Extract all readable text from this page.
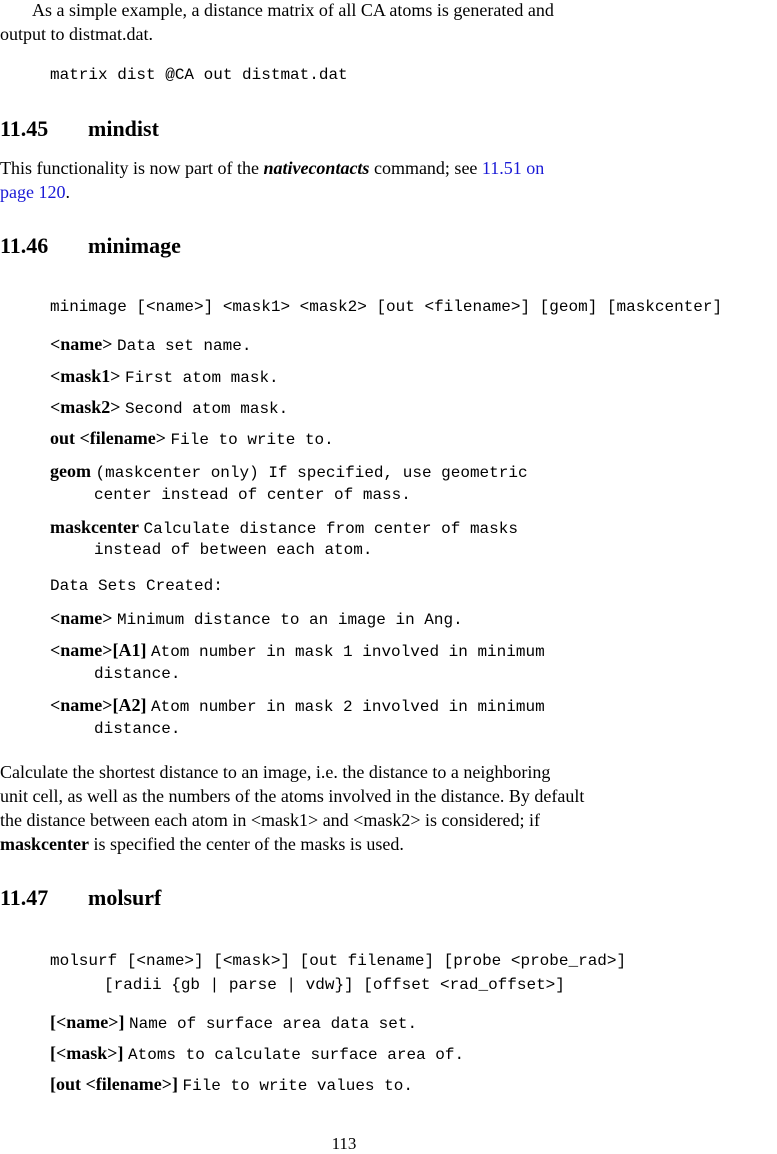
As a simple example, a distance matrix of all CA atoms is generated and
output to distmat.dat.

matrix dist @CA out distmat.dat
11.45 mindist

This functionality is now part of the nativecontacts command; see 11.51 on
page 120.

11.46 minimage
minimage [<name>] <mask1> <mask2> [out <filename>] [geom] [maskcenter]
<name> Data set name.
<mask1> First atom mask.
<mask2> Second atom mask.
out <filename> File to write to.
geom (maskcenter only) If specified, use geometric
center instead of center of mass.
maskcenter Calculate distance from center of masks
instead of between each atom.
Data Sets Created:
<name> Minimum distance to an image in Ang.
<name>[A1] Atom number in mask 1 involved in minimum
distance.
<name>[A2] Atom number in mask 2 involved in minimum
distance.

Calculate the shortest distance to an image, i.e. the distance to a neighboring
unit cell, as well as the numbers of the atoms involved in the distance. By default
the distance between each atom in <mask1> and <mask2> is considered; if
maskcenter is specified the center of the masks is used.

11.47 molsurf
molsurf [<name>] [<mask>] [out filename] [probe <probe_rad>]
[radii {gb | parse | vdw}] [offset <rad_offset>]
[<name>] Name of surface area data set.
[<mask>] Atoms to calculate surface area of.
[out <filename>] File to write values to.
113
